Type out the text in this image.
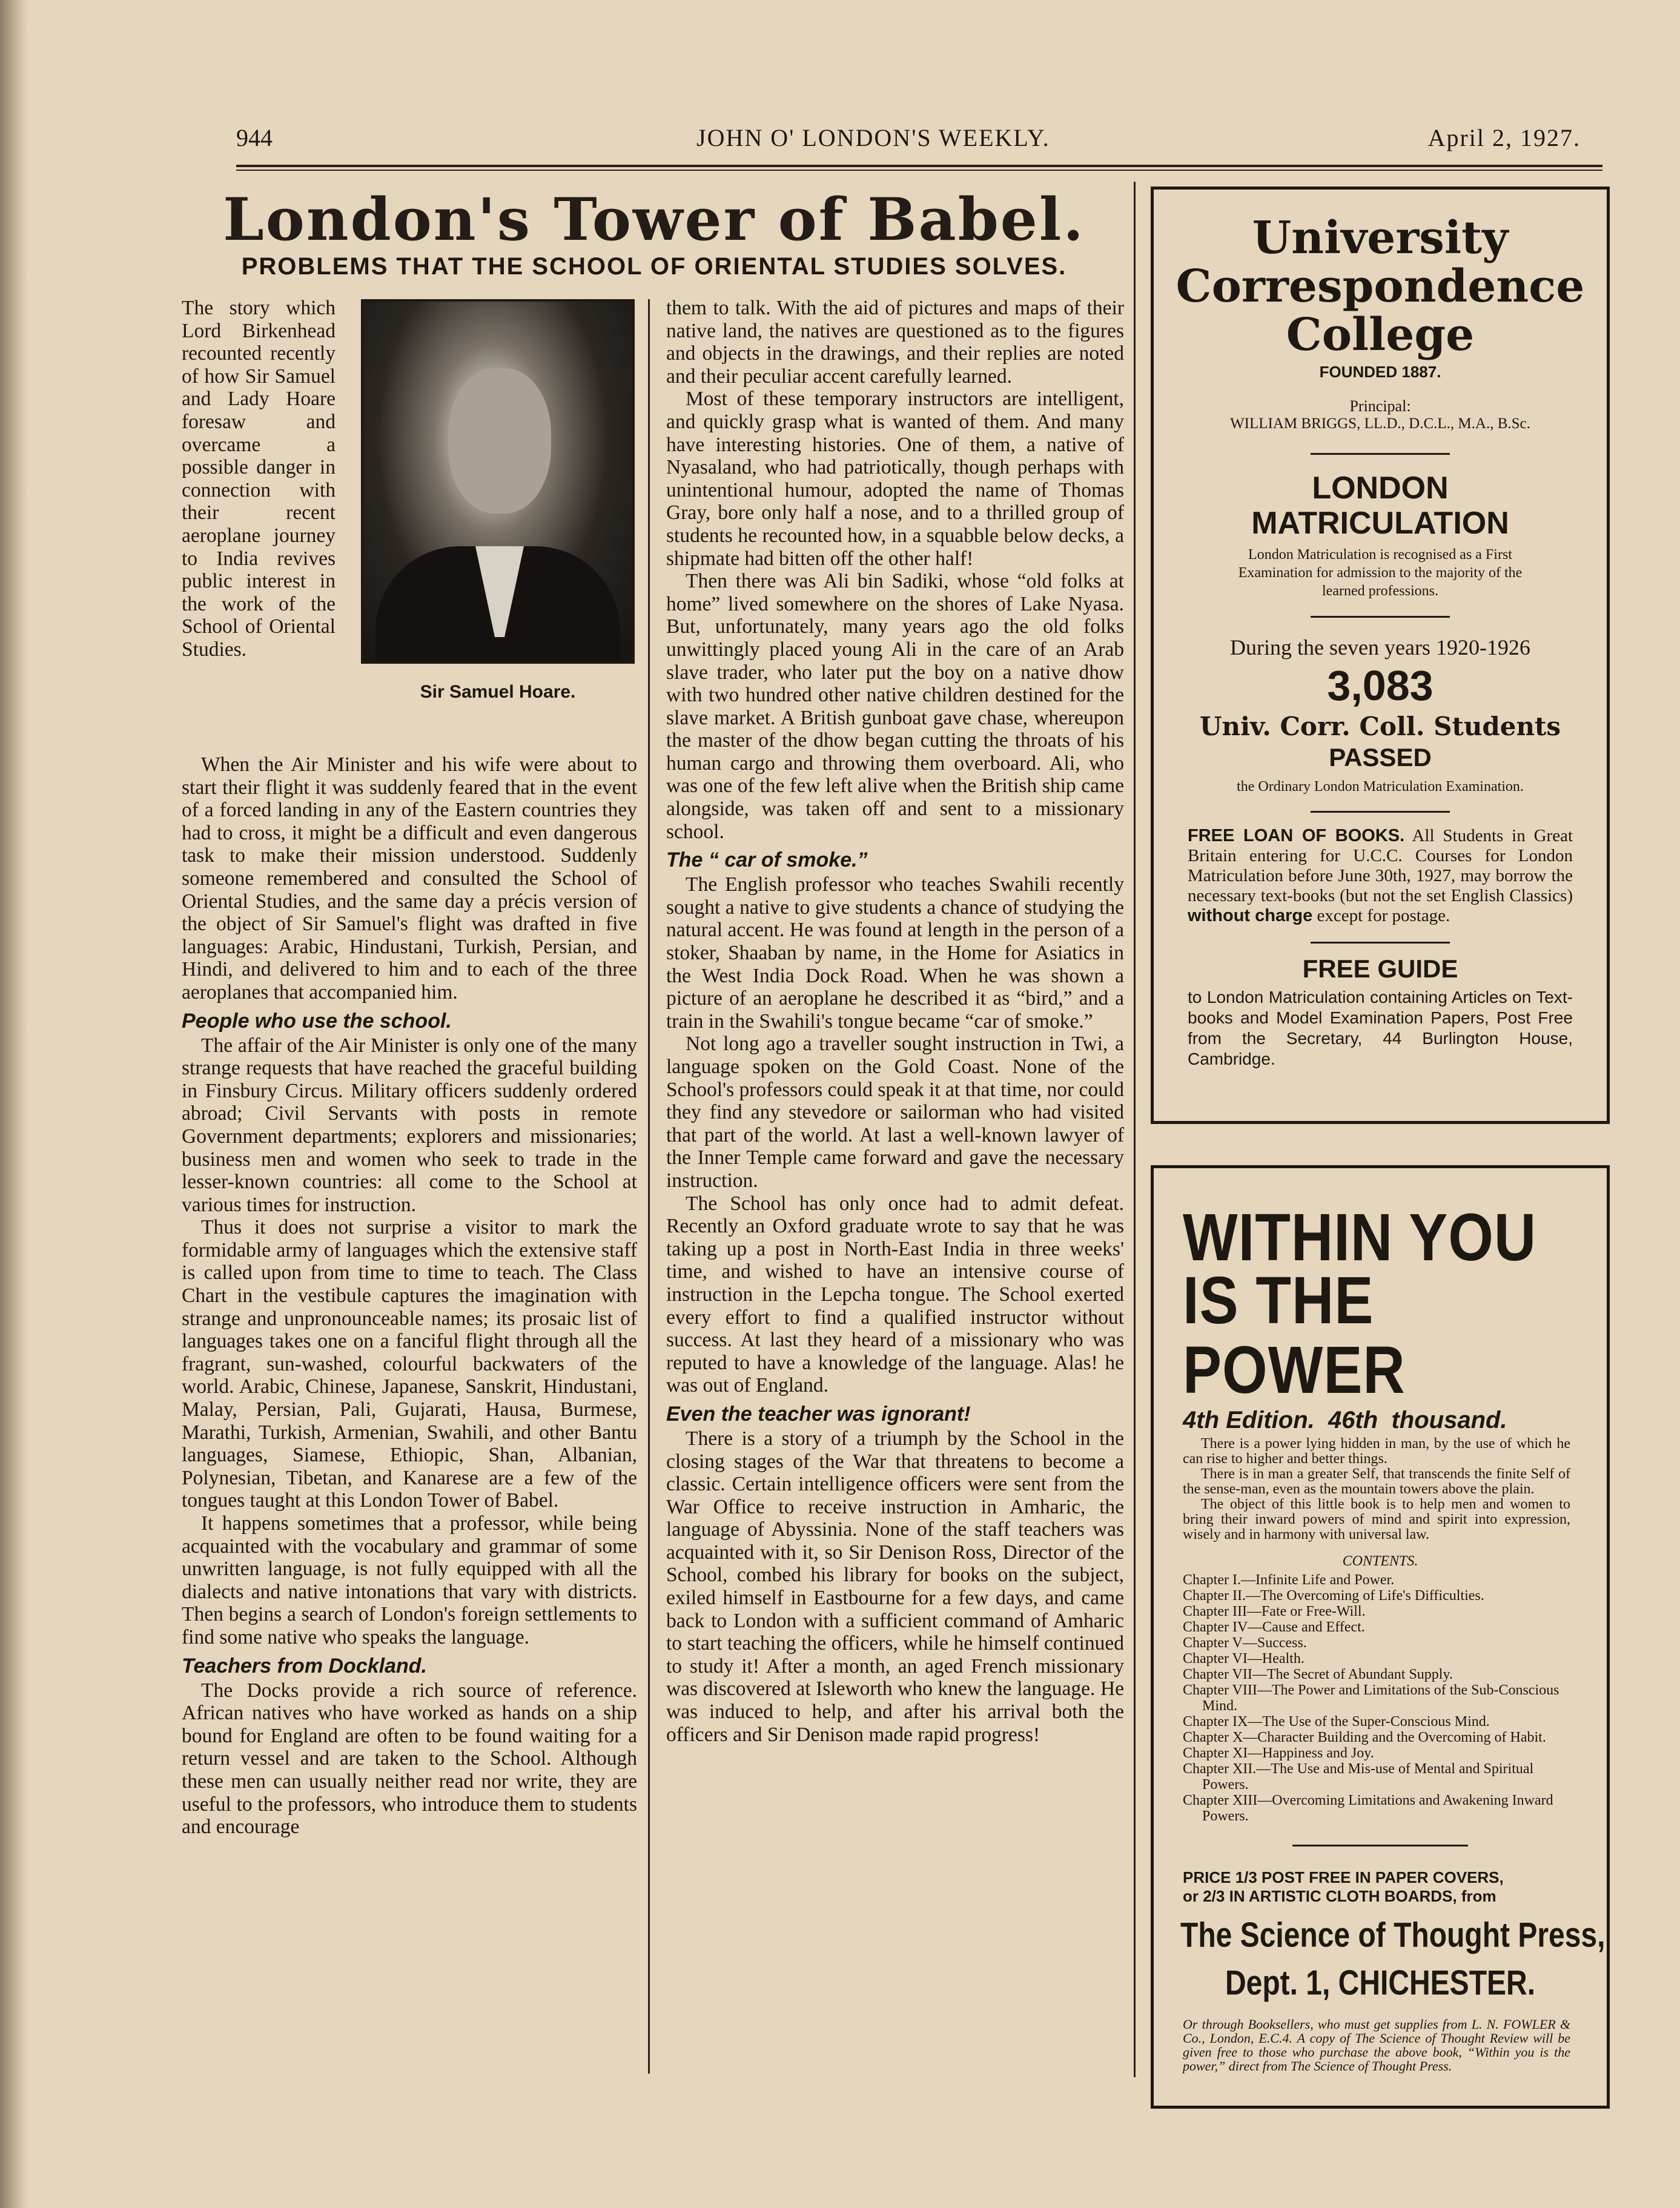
944	JOHN O' LONDON'S WEEKLY.	April 2, 1927.
London's Tower of Babel.
PROBLEMS THAT THE SCHOOL OF ORIENTAL STUDIES SOLVES.
Sir Samuel Hoare.

The story which Lord Birkenhead recounted recently of how Sir Samuel and Lady Hoare foresaw and overcame a possible danger in connection with their recent aeroplane journey to India revives public interest in the work of the School of Oriental Studies.

When the Air Minister and his wife were about to start their flight it was suddenly feared that in the event of a forced landing in any of the Eastern countries they had to cross, it might be a difficult and even dangerous task to make their mission understood. Suddenly someone remembered and consulted the School of Oriental Studies, and the same day a précis version of the object of Sir Samuel's flight was drafted in five languages: Arabic, Hindustani, Turkish, Persian, and Hindi, and delivered to him and to each of the three aeroplanes that accompanied him.

People who use the school.

The affair of the Air Minister is only one of the many strange requests that have reached the graceful building in Finsbury Circus. Military officers suddenly ordered abroad; Civil Servants with posts in remote Government departments; explorers and missionaries; business men and women who seek to trade in the lesser-known countries: all come to the School at various times for instruction.

Thus it does not surprise a visitor to mark the formidable army of languages which the extensive staff is called upon from time to time to teach. The Class Chart in the vestibule captures the imagination with strange and unpronounceable names; its prosaic list of languages takes one on a fanciful flight through all the fragrant, sun-washed, colourful backwaters of the world. Arabic, Chinese, Japanese, Sanskrit, Hindustani, Malay, Persian, Pali, Gujarati, Hausa, Burmese, Marathi, Turkish, Armenian, Swahili, and other Bantu languages, Siamese, Ethiopic, Shan, Albanian, Polynesian, Tibetan, and Kanarese are a few of the tongues taught at this London Tower of Babel.

It happens sometimes that a professor, while being acquainted with the vocabulary and grammar of some unwritten language, is not fully equipped with all the dialects and native intonations that vary with districts. Then begins a search of London's foreign settlements to find some native who speaks the language.

Teachers from Dockland.

The Docks provide a rich source of reference. African natives who have worked as hands on a ship bound for England are often to be found waiting for a return vessel and are taken to the School. Although these men can usually neither read nor write, they are useful to the professors, who introduce them to students and encourage

them to talk. With the aid of pictures and maps of their native land, the natives are questioned as to the figures and objects in the drawings, and their replies are noted and their peculiar accent carefully learned.

Most of these temporary instructors are intelligent, and quickly grasp what is wanted of them. And many have interesting histories. One of them, a native of Nyasaland, who had patriotically, though perhaps with unintentional humour, adopted the name of Thomas Gray, bore only half a nose, and to a thrilled group of students he recounted how, in a squabble below decks, a shipmate had bitten off the other half!

Then there was Ali bin Sadiki, whose “old folks at home” lived somewhere on the shores of Lake Nyasa. But, unfortunately, many years ago the old folks unwittingly placed young Ali in the care of an Arab slave trader, who later put the boy on a native dhow with two hundred other native children destined for the slave market. A British gunboat gave chase, whereupon the master of the dhow began cutting the throats of his human cargo and throwing them overboard. Ali, who was one of the few left alive when the British ship came alongside, was taken off and sent to a missionary school.

The “ car of smoke.”

The English professor who teaches Swahili recently sought a native to give students a chance of studying the natural accent. He was found at length in the person of a stoker, Shaaban by name, in the Home for Asiatics in the West India Dock Road. When he was shown a picture of an aeroplane he described it as “bird,” and a train in the Swahili's tongue became “car of smoke.”

Not long ago a traveller sought instruction in Twi, a language spoken on the Gold Coast. None of the School's professors could speak it at that time, nor could they find any stevedore or sailorman who had visited that part of the world. At last a well-known lawyer of the Inner Temple came forward and gave the necessary instruction.

The School has only once had to admit defeat. Recently an Oxford graduate wrote to say that he was taking up a post in North-East India in three weeks' time, and wished to have an intensive course of instruction in the Lepcha tongue. The School exerted every effort to find a qualified instructor without success. At last they heard of a missionary who was reputed to have a knowledge of the language. Alas! he was out of England.

Even the teacher was ignorant!

There is a story of a triumph by the School in the closing stages of the War that threatens to become a classic. Certain intelligence officers were sent from the War Office to receive instruction in Amharic, the language of Abyssinia. None of the staff teachers was acquainted with it, so Sir Denison Ross, Director of the School, combed his library for books on the subject, exiled himself in Eastbourne for a few days, and came back to London with a sufficient command of Amharic to start teaching the officers, while he himself continued to study it! After a month, an aged French missionary was discovered at Isleworth who knew the language. He was induced to help, and after his arrival both the officers and Sir Denison made rapid progress!

University
Correspondence
College
FOUNDED 1887.
Principal:
WILLIAM BRIGGS, LL.D., D.C.L., M.A., B.Sc.
LONDON
MATRICULATION
London Matriculation is recognised as a First Examination for admission to the majority of the learned professions.
During the seven years 1920-1926
3,083
Univ. Corr. Coll. Students
PASSED
the Ordinary London Matriculation Examination.
FREE LOAN OF BOOKS. All Students in Great Britain entering for U.C.C. Courses for London Matriculation before June 30th, 1927, may borrow the necessary text-books (but not the set English Classics) without charge except for postage.
FREE GUIDE
to London Matriculation containing Articles on Text-books and Model Examination Papers, Post Free from the Secretary, 44 Burlington House, Cambridge.
WITHIN YOU
IS THE POWER
4th Edition.  46th  thousand.

There is a power lying hidden in man, by the use of which he can rise to higher and better things.

There is in man a greater Self, that transcends the finite Self of the sense-man, even as the mountain towers above the plain.

The object of this little book is to help men and women to bring their inward powers of mind and spirit into expression, wisely and in harmony with universal law.

CONTENTS.
Chapter I.—Infinite Life and Power.
Chapter II.—The Overcoming of Life's Difficulties.
Chapter III—Fate or Free-Will.
Chapter IV—Cause and Effect.
Chapter V—Success.
Chapter VI—Health.
Chapter VII—The Secret of Abundant Supply.
Chapter VIII—The Power and Limitations of the Sub-Conscious Mind.
Chapter IX—The Use of the Super-Conscious Mind.
Chapter X—Character Building and the Overcoming of Habit.
Chapter XI—Happiness and Joy.
Chapter XII.—The Use and Mis-use of Mental and Spiritual Powers.
Chapter XIII—Overcoming Limitations and Awakening Inward Powers.
PRICE 1/3 POST FREE IN PAPER COVERS,
or 2/3 IN ARTISTIC CLOTH BOARDS, from
The Science of Thought Press,
Dept. 1, CHICHESTER.
Or through Booksellers, who must get supplies from L. N. FOWLER & Co., London, E.C.4. A copy of The Science of Thought Review will be given free to those who purchase the above book, “Within you is the power,” direct from The Science of Thought Press.
